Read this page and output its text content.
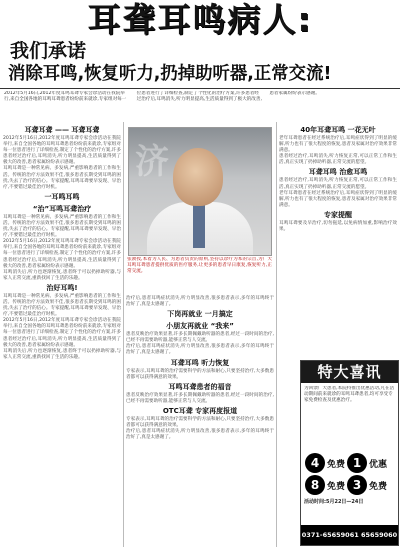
耳聋耳鸣病人:
我们承诺
消除耳鸣,恢复听力,扔掉助听器,正常交流!
2012年5月16日,2012年度耳鸣耳聋专家会诊活动在我院举行,来自全国各地的耳鸣耳聋患者纷纷前来就诊,专家组对每一位患者进行了详细检查,制定了个性化的治疗方案,许多患者经过治疗后,耳鸣消失,听力明显提高,生活质量得到了极大的改善,患者家属纷纷表示感谢。
耳聋耳聋 —— 耳聋耳聋
2012年5月16日,2012年度耳鸣耳聋专家会诊活动在我院举行,来自全国各地的耳鸣耳聋患者纷纷前来就诊,专家组对每一位患者进行了详细检查,制定了个性化的治疗方案,许多患者经过治疗后,耳鸣消失,听力明显提高,生活质量得到了极大的改善,患者家属纷纷表示感谢。
耳鸣耳聋是一种常见病、多发病,严重影响患者的工作和生活。传统的治疗方法效果不佳,很多患者长期受到耳鸣的困扰,失去了治疗的信心。专家提醒,耳鸣耳聋要早发现、早治疗,不要错过最佳治疗时机。
一耳鸣耳鸣
“治”耳鸣耳聋治疗
耳鸣耳聋是一种常见病、多发病,严重影响患者的工作和生活。传统的治疗方法效果不佳,很多患者长期受到耳鸣的困扰,失去了治疗的信心。专家提醒,耳鸣耳聋要早发现、早治疗,不要错过最佳治疗时机。
2012年5月16日,2012年度耳鸣耳聋专家会诊活动在我院举行,来自全国各地的耳鸣耳聋患者纷纷前来就诊,专家组对每一位患者进行了详细检查,制定了个性化的治疗方案,许多患者经过治疗后,耳鸣消失,听力明显提高,生活质量得到了极大的改善,患者家属纷纷表示感谢。
耳鸣消失后,听力也逐渐恢复,患者终于可以扔掉助听器,与家人正常交流,重新找回了生活的乐趣。
治好耳鸣!
耳鸣耳聋是一种常见病、多发病,严重影响患者的工作和生活。传统的治疗方法效果不佳,很多患者长期受到耳鸣的困扰,失去了治疗的信心。专家提醒,耳鸣耳聋要早发现、早治疗,不要错过最佳治疗时机。
2012年5月16日,2012年度耳鸣耳聋专家会诊活动在我院举行,来自全国各地的耳鸣耳聋患者纷纷前来就诊,专家组对每一位患者进行了详细检查,制定了个性化的治疗方案,许多患者经过治疗后,耳鸣消失,听力明显提高,生活质量得到了极大的改善,患者家属纷纷表示感谢。
耳鸣消失后,听力也逐渐恢复,患者终于可以扔掉助听器,与家人正常交流,重新找回了生活的乐趣。
治疗后,患者耳鸣症状消失,听力明显改善,很多患者表示,多年的耳鸣终于治好了,真是太感谢了。
下岗再就业 一月搞定
小朋友再就业 “我来”
患者反映治疗效果显著,许多长期佩戴助听器的患者,经过一段时间的治疗,已经不再需要助听器,能够正常与人交流。
治疗后,患者耳鸣症状消失,听力明显改善,很多患者表示,多年的耳鸣终于治好了,真是太感谢了。
耳聋耳鸣 听力恢复
专家表示,耳鸣耳聋的治疗需要科学的方法和耐心,只要坚持治疗,大多数患者都可以获得满意的效果。
耳鸣耳聋患者的福音
患者反映治疗效果显著,许多长期佩戴助听器的患者,经过一段时间的治疗,已经不再需要助听器,能够正常与人交流。
OTC耳聋 专家再度报道
专家表示,耳鸣耳聋的治疗需要科学的方法和耐心,只要坚持治疗,大多数患者都可以获得满意的效果。
治疗后,患者耳鸣症状消失,听力明显改善,很多患者表示,多年的耳鸣终于治好了,真是太感谢了。
济
张教授,本着为人民、为患者负责的原则,坚持以诊疗为本的宗旨,为广大耳鸣耳聋患者提供优质的医疗服务,让更多的患者早日康复,恢复听力,正常交流。
40年耳聋耳鸣 一花无叶
老年耳聋患者在经过系统治疗后,耳鸣症状得到了明显的缓解,听力也有了很大程度的恢复,患者及家属对治疗效果非常满意。
患者经过治疗,耳鸣消失,听力恢复正常,可以正常工作和生活,真正实现了扔掉助听器,正常交流的愿望。
耳聋耳鸣 治愈耳鸣
患者经过治疗,耳鸣消失,听力恢复正常,可以正常工作和生活,真正实现了扔掉助听器,正常交流的愿望。
老年耳聋患者在经过系统治疗后,耳鸣症状得到了明显的缓解,听力也有了很大程度的恢复,患者及家属对治疗效果非常满意。
专家提醒
耳鸣耳聋要及早治疗,切勿拖延,以免病情加重,影响治疗效果。
特大喜讯
为回馈广大患者,本院特推出优惠活动,凡在活动期间前来就诊的耳鸣耳聋患者,均可享受专家免费检查及优惠治疗。
4 免费 1 优惠
8 免费 3 免费
活动时间:5月22日—24日
0371-65659061 65659060
